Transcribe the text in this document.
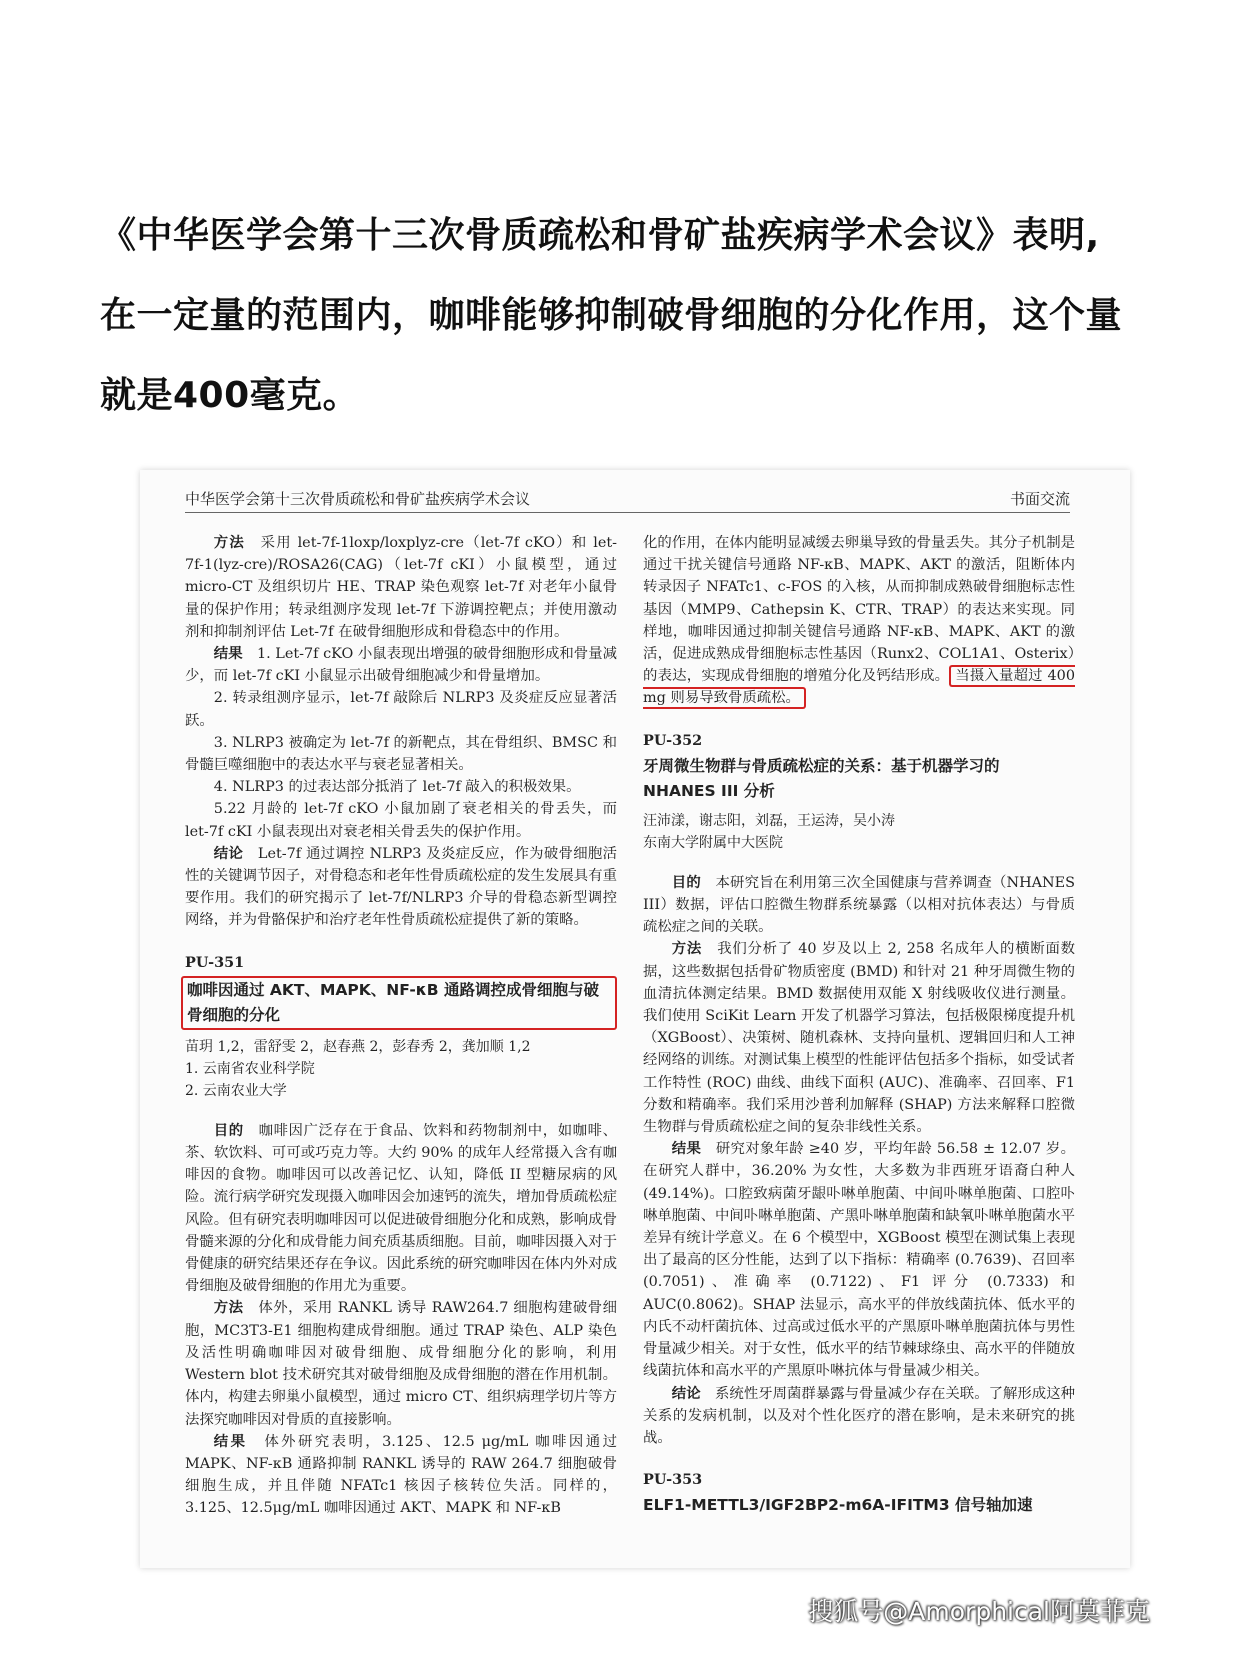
《中华医学会第十三次骨质疏松和骨矿盐疾病学术会议》表明,

在一定量的范围内，咖啡能够抑制破骨细胞的分化作用，这个量

就是400毫克。

中华医学会第十三次骨质疏松和骨矿盐疾病学术会议	书面交流

方法　 采用 let-7f-1loxp/loxplyz-cre（let-7f cKO）和 let-7f-1(lyz-cre)/ROSA26(CAG)（let-7f cKI）小鼠模型，通过 micro-CT 及组织切片 HE、TRAP 染色观察 let-7f 对老年小鼠骨量的保护作用；转录组测序发现 let-7f 下游调控靶点；并使用激动剂和抑制剂评估 Let-7f 在破骨细胞形成和骨稳态中的作用。

结果　 1. Let-7f cKO 小鼠表现出增强的破骨细胞形成和骨量减少，而 let-7f cKI 小鼠显示出破骨细胞减少和骨量增加。

2. 转录组测序显示，let-7f 敲除后 NLRP3 及炎症反应显著活跃。

3. NLRP3 被确定为 let-7f 的新靶点，其在骨组织、BMSC 和骨髓巨噬细胞中的表达水平与衰老显著相关。

4. NLRP3 的过表达部分抵消了 let-7f 敲入的积极效果。

5.22 月龄的 let-7f cKO 小鼠加剧了衰老相关的骨丢失，而 let-7f cKI 小鼠表现出对衰老相关骨丢失的保护作用。

结论　 Let-7f 通过调控 NLRP3 及炎症反应，作为破骨细胞活性的关键调节因子，对骨稳态和老年性骨质疏松症的发生发展具有重要作用。我们的研究揭示了 let-7f/NLRP3 介导的骨稳态新型调控网络，并为骨骼保护和治疗老年性骨质疏松症提供了新的策略。

PU-351
咖啡因通过 AKT、MAPK、NF-κB 通路调控成骨细胞与破骨细胞的分化
苗玥 1,2，雷舒雯 2，赵春燕 2，彭春秀 2，龚加顺 1,2
1. 云南省农业科学院
2. 云南农业大学

目的　 咖啡因广泛存在于食品、饮料和药物制剂中，如咖啡、茶、软饮料、可可或巧克力等。大约 90% 的成年人经常摄入含有咖啡因的食物。咖啡因可以改善记忆、认知，降低 II 型糖尿病的风险。流行病学研究发现摄入咖啡因会加速钙的流失，增加骨质疏松症风险。但有研究表明咖啡因可以促进破骨细胞分化和成熟，影响成骨骨髓来源的分化和成骨能力间充质基质细胞。目前，咖啡因摄入对于骨健康的研究结果还存在争议。因此系统的研究咖啡因在体内外对成骨细胞及破骨细胞的作用尤为重要。

方法　 体外，采用 RANKL 诱导 RAW264.7 细胞构建破骨细胞，MC3T3-E1 细胞构建成骨细胞。通过 TRAP 染色、ALP 染色及活性明确咖啡因对破骨细胞、成骨细胞分化的影响，利用 Western blot 技术研究其对破骨细胞及成骨细胞的潜在作用机制。体内，构建去卵巢小鼠模型，通过 micro CT、组织病理学切片等方法探究咖啡因对骨质的直接影响。

结果　 体外研究表明，3.125、12.5 μg/mL 咖啡因通过 MAPK、NF-κB 通路抑制 RANKL 诱导的 RAW 264.7 细胞破骨细胞生成，并且伴随 NFATc1 核因子核转位失活。同样的，3.125、12.5μg/mL 咖啡因通过 AKT、MAPK 和 NF-κB

化的作用，在体内能明显减缓去卵巢导致的骨量丢失。其分子机制是通过干扰关键信号通路 NF-κB、MAPK、AKT 的激活，阻断体内转录因子 NFATc1、c-FOS 的入核，从而抑制成熟破骨细胞标志性基因（MMP9、Cathepsin K、CTR、TRAP）的表达来实现。同样地，咖啡因通过抑制关键信号通路 NF-κB、MAPK、AKT 的激活，促进成熟成骨细胞标志性基因（Runx2、COL1A1、Osterix）的表达，实现成骨细胞的增殖分化及钙结形成。 当摄入量超过 400 mg 则易导致骨质疏松。

PU-352
牙周微生物群与骨质疏松症的关系：基于机器学习的 NHANES III 分析
汪沛漾，谢志阳，刘磊，王运涛，吴小涛
东南大学附属中大医院

目的　 本研究旨在利用第三次全国健康与营养调查（NHANES III）数据，评估口腔微生物群系统暴露（以相对抗体表达）与骨质疏松症之间的关联。

方法　 我们分析了 40 岁及以上 2, 258 名成年人的横断面数据，这些数据包括骨矿物质密度 (BMD) 和针对 21 种牙周微生物的血清抗体测定结果。BMD 数据使用双能 X 射线吸收仪进行测量。我们使用 SciKit Learn 开发了机器学习算法，包括极限梯度提升机（XGBoost）、决策树、随机森林、支持向量机、逻辑回归和人工神经网络的训练。对测试集上模型的性能评估包括多个指标，如受试者工作特性 (ROC) 曲线、曲线下面积 (AUC)、准确率、召回率、F1 分数和精确率。我们采用沙普利加解释 (SHAP) 方法来解释口腔微生物群与骨质疏松症之间的复杂非线性关系。

结果　 研究对象年龄 ≥40 岁，平均年龄 56.58 ± 12.07 岁。在研究人群中，36.20% 为女性，大多数为非西班牙语裔白种人 (49.14%)。口腔致病菌牙龈卟啉单胞菌、中间卟啉单胞菌、口腔卟啉单胞菌、中间卟啉单胞菌、产黑卟啉单胞菌和缺氧卟啉单胞菌水平差异有统计学意义。在 6 个模型中，XGBoost 模型在测试集上表现出了最高的区分性能，达到了以下指标：精确率 (0.7639)、召回率 (0.7051)、准确率 (0.7122)、F1 评分 (0.7333) 和 AUC(0.8062)。SHAP 法显示，高水平的伴放线菌抗体、低水平的内氏不动杆菌抗体、过高或过低水平的产黑原卟啉单胞菌抗体与男性骨量减少相关。对于女性，低水平的结节棘球绦虫、高水平的伴随放线菌抗体和高水平的产黑原卟啉抗体与骨量减少相关。

结论　 系统性牙周菌群暴露与骨量减少存在关联。了解形成这种关系的发病机制，以及对个性化医疗的潜在影响，是未来研究的挑战。

PU-353
ELF1-METTL3/IGF2BP2-m6A-IFITM3 信号轴加速
搜狐号@Amorphical阿莫菲克
